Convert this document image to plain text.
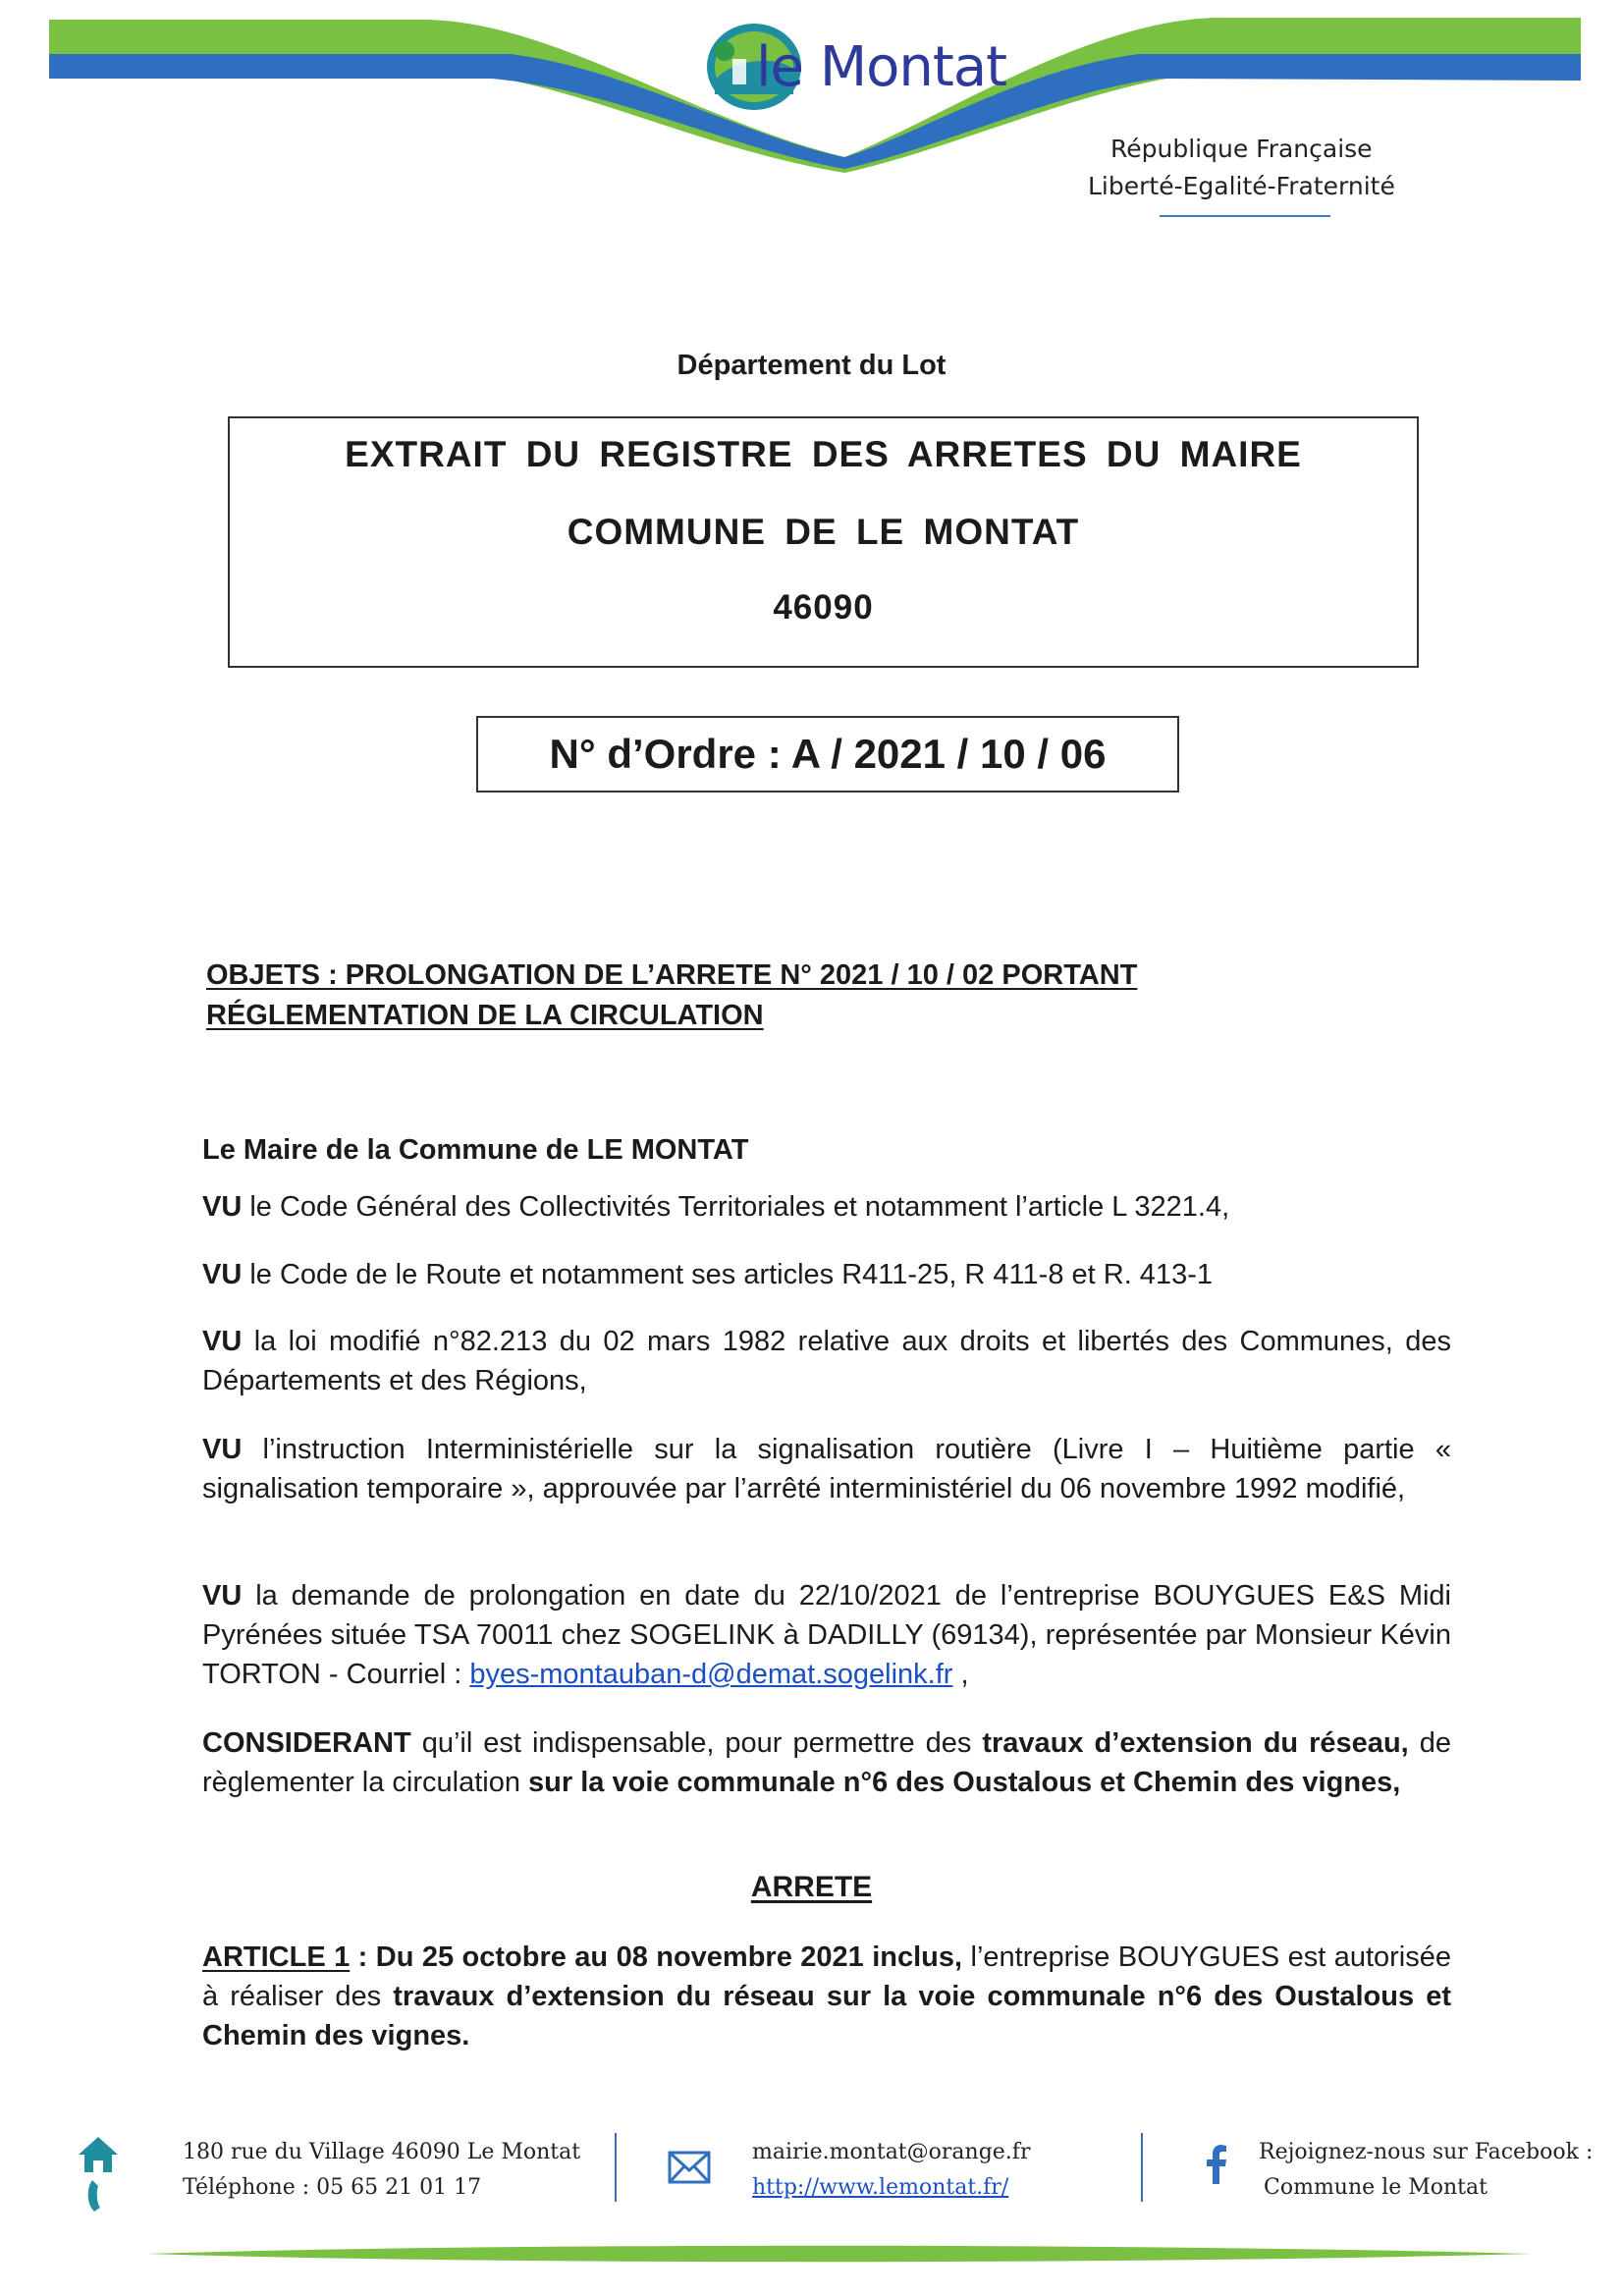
le Montat
République Française
Liberté-Egalité-Fraternité
Département du Lot
EXTRAIT DU REGISTRE DES ARRETES DU MAIRE
COMMUNE DE LE MONTAT
46090
N° d’Ordre : A / 2021 / 10 / 06
OBJETS : PROLONGATION DE L’ARRETE N° 2021 / 10 / 02 PORTANT
RÉGLEMENTATION DE LA CIRCULATION
Le Maire de la Commune de LE MONTAT
VU le Code Général des Collectivités Territoriales et notamment l’article L 3221.4,
VU le Code de le Route et notamment ses articles R411-25, R 411-8 et R. 413-1
VU la loi modifié n°82.213 du 02 mars 1982 relative aux droits et libertés des Communes, des Départements et des Régions,
VU l’instruction Interministérielle sur la signalisation routière (Livre I – Huitième partie « signalisation temporaire », approuvée par l’arrêté interministériel du 06 novembre 1992 modifié,
VU la demande de prolongation en date du 22/10/2021 de l’entreprise BOUYGUES E&S Midi Pyrénées située TSA 70011 chez SOGELINK à DADILLY (69134), représentée par Monsieur Kévin TORTON - Courriel : byes-montauban-d@demat.sogelink.fr ,
CONSIDERANT qu’il est indispensable, pour permettre des travaux d’extension du réseau, de règlementer la circulation sur la voie communale n°6 des Oustalous et Chemin des vignes,
ARRETE
ARTICLE 1 : Du 25 octobre au 08 novembre 2021 inclus, l’entreprise BOUYGUES est autorisée à réaliser des travaux d’extension du réseau sur la voie communale n°6 des Oustalous et Chemin des vignes.
180 rue du Village 46090 Le Montat
Téléphone : 05 65 21 01 17
mairie.montat@orange.fr
http://www.lemontat.fr/
Rejoignez-nous sur Facebook :
Commune le Montat
